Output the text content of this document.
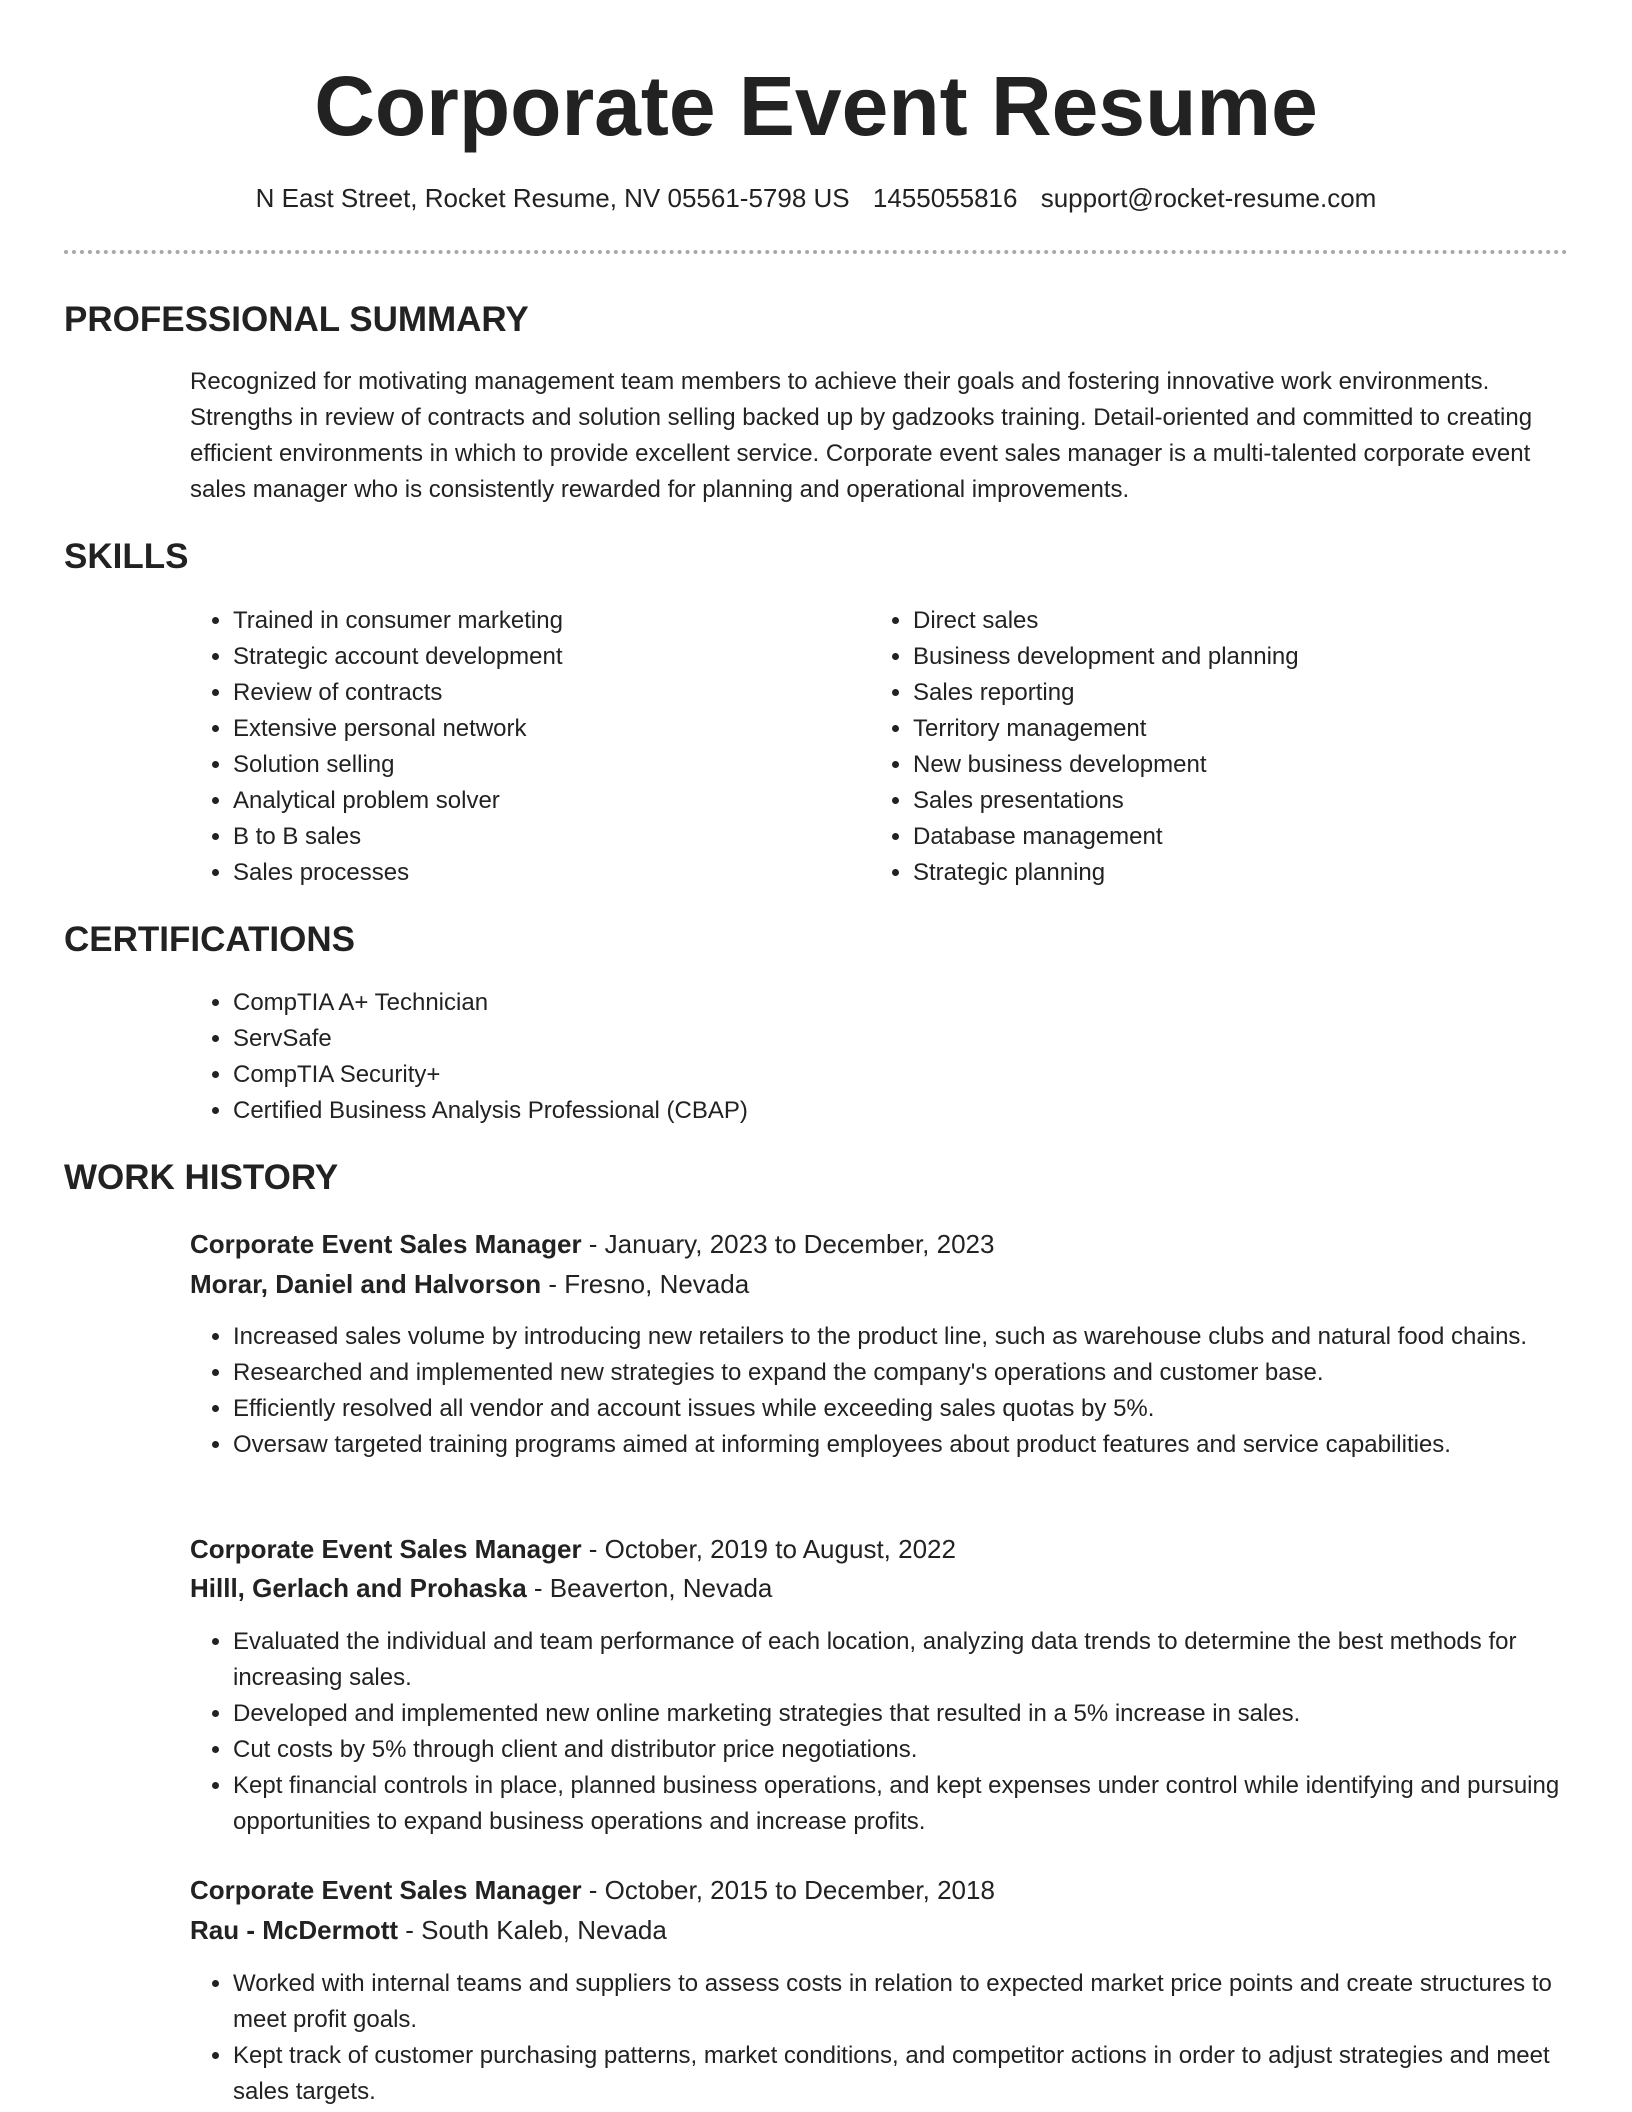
Corporate Event Resume
N East Street, Rocket Resume, NV 05561-5798 US 1455055816 support@rocket-resume.com
PROFESSIONAL SUMMARY

Recognized for motivating management team members to achieve their goals and fostering innovative work environments. Strengths in review of contracts and solution selling backed up by gadzooks training. Detail-oriented and committed to creating efficient environments in which to provide excellent service. Corporate event sales manager is a multi-talented corporate event sales manager who is consistently rewarded for planning and operational improvements.

SKILLS
• Trained in consumer marketing
• Strategic account development
• Review of contracts
• Extensive personal network
• Solution selling
• Analytical problem solver
• B to B sales
• Sales processes
• Direct sales
• Business development and planning
• Sales reporting
• Territory management
• New business development
• Sales presentations
• Database management
• Strategic planning
CERTIFICATIONS
• CompTIA A+ Technician
• ServSafe
• CompTIA Security+
• Certified Business Analysis Professional (CBAP)
WORK HISTORY
Corporate Event Sales Manager - January, 2023 to December, 2023
Morar, Daniel and Halvorson - Fresno, Nevada
• Increased sales volume by introducing new retailers to the product line, such as warehouse clubs and natural food chains.
• Researched and implemented new strategies to expand the company's operations and customer base.
• Efficiently resolved all vendor and account issues while exceeding sales quotas by 5%.
• Oversaw targeted training programs aimed at informing employees about product features and service capabilities.
Corporate Event Sales Manager - October, 2019 to August, 2022
Hilll, Gerlach and Prohaska - Beaverton, Nevada
• Evaluated the individual and team performance of each location, analyzing data trends to determine the best methods for increasing sales.
• Developed and implemented new online marketing strategies that resulted in a 5% increase in sales.
• Cut costs by 5% through client and distributor price negotiations.
• Kept financial controls in place, planned business operations, and kept expenses under control while identifying and pursuing opportunities to expand business operations and increase profits.
Corporate Event Sales Manager - October, 2015 to December, 2018
Rau - McDermott - South Kaleb, Nevada
• Worked with internal teams and suppliers to assess costs in relation to expected market price points and create structures to meet profit goals.
• Kept track of customer purchasing patterns, market conditions, and competitor actions in order to adjust strategies and meet sales targets.
